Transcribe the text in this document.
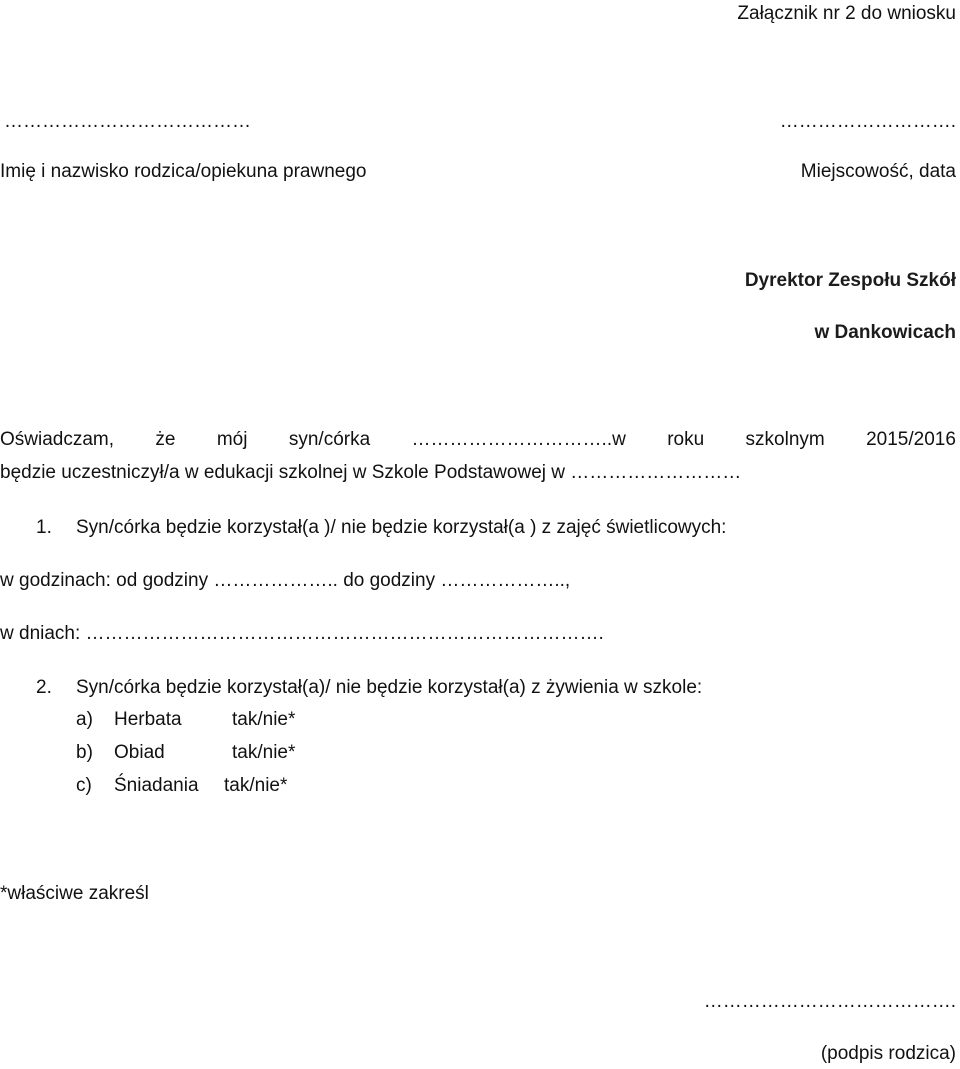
Załącznik nr 2 do wniosku
…………………………………	……………………….
Imię i nazwisko rodzica/opiekuna prawnego	Miejscowość, data
Dyrektor Zespołu Szkół
w Dankowicach
Oświadczam, że mój syn/córka …………………………..w roku szkolnym 2015/2016
będzie uczestniczył/a w edukacji szkolnej w Szkole Podstawowej w ………………………
1. Syn/córka będzie korzystał(a )/ nie będzie korzystał(a ) z zajęć świetlicowych:
w godzinach: od godziny ……………….. do godziny ………………..,
w dniach: ……………………………………………………………………….
2. Syn/córka będzie korzystał(a)/ nie będzie korzystał(a) z żywienia w szkole:
a) Herbata	tak/nie*
b) Obiad	tak/nie*
c) Śniadania tak/nie*
*właściwe zakreśl
………………………………….
(podpis rodzica)
